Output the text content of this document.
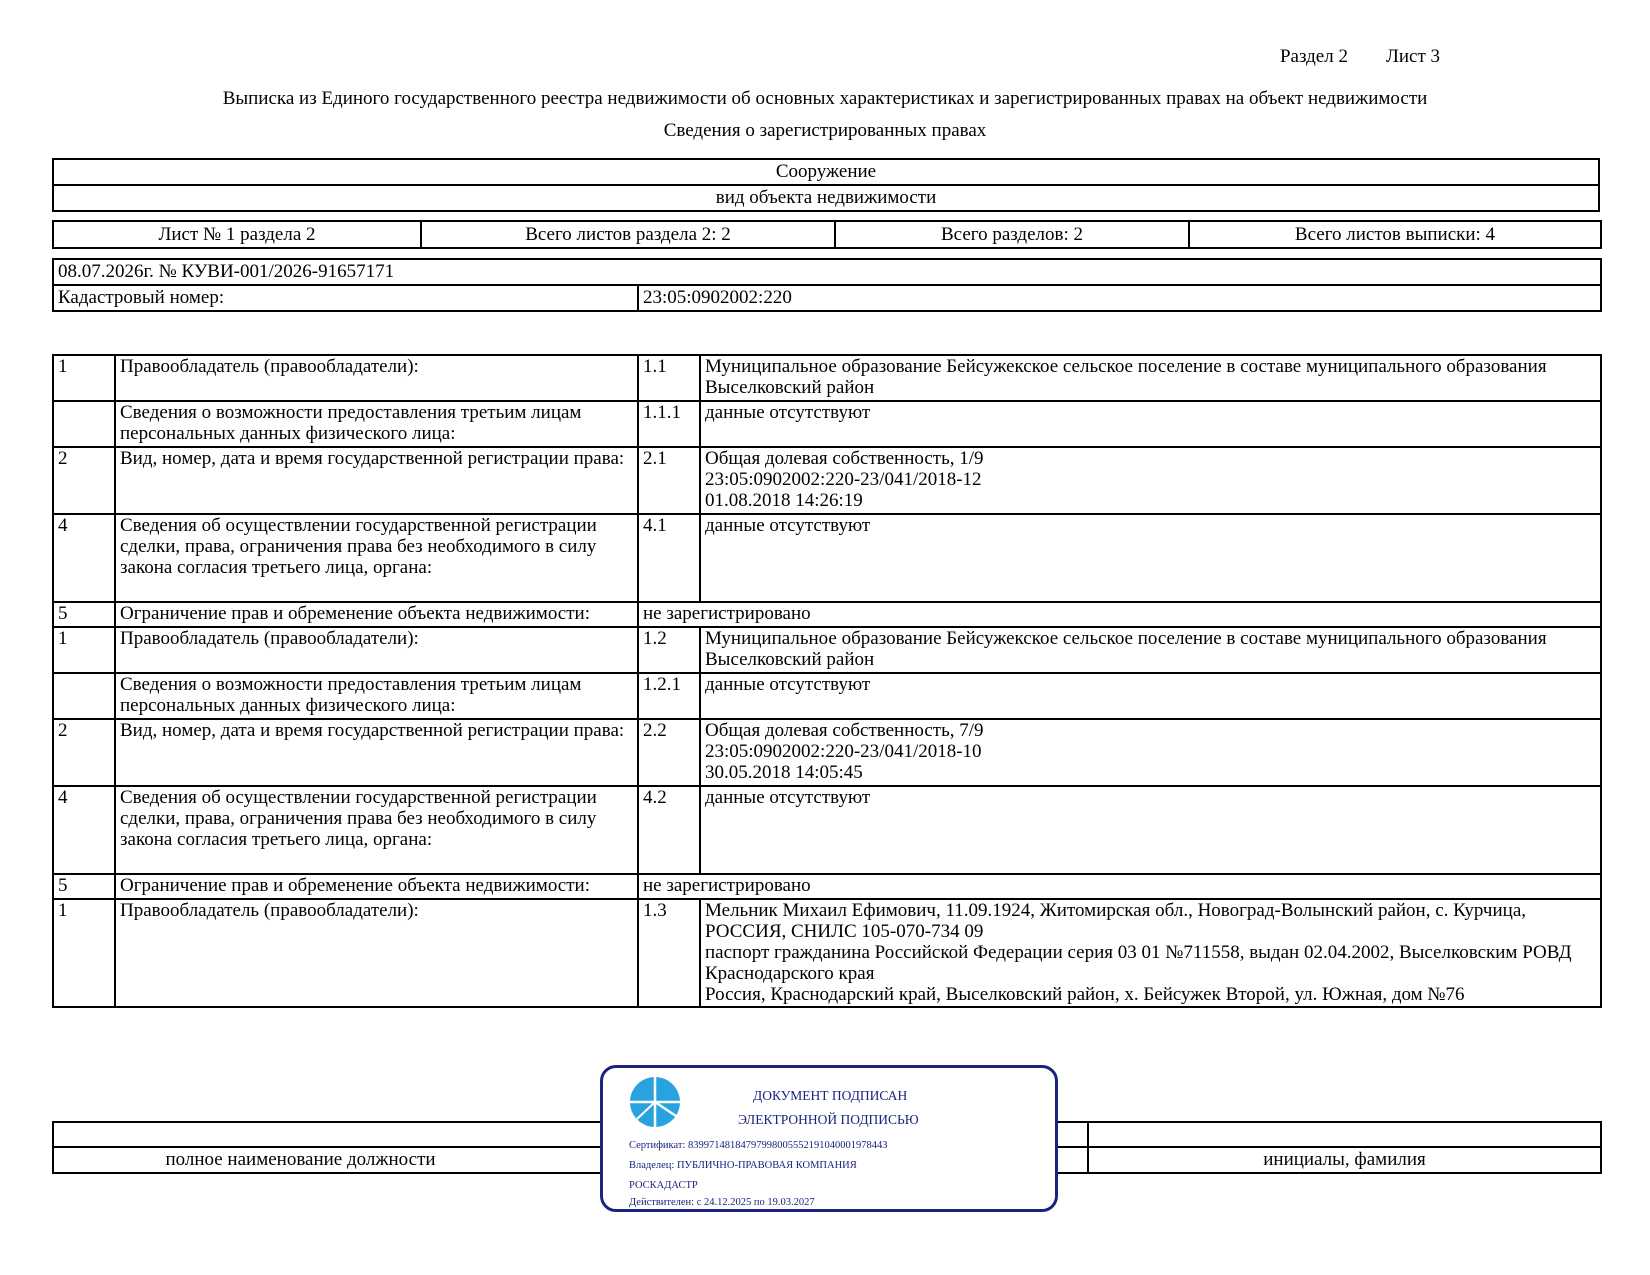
Раздел 2 Лист 3
Выписка из Единого государственного реестра недвижимости об основных характеристиках и зарегистрированных правах на объект недвижимости
Сведения о зарегистрированных правах
Сооружение
вид объекта недвижимости
Лист № 1 раздела 2	Всего листов раздела 2: 2	Всего разделов: 2	Всего листов выписки: 4
08.07.2026г. № КУВИ-001/2026-91657171
Кадастровый номер:	23:05:0902002:220
1	Правообладатель (правообладатели):	1.1	Муниципальное образование Бейсужекское сельское поселение в составе муниципального образования Выселковский район
	Сведения о возможности предоставления третьим лицам персональных данных физического лица:	1.1.1	данные отсутствуют
2	Вид, номер, дата и время государственной регистрации права:	2.1	Общая долевая собственность, 1/9
23:05:0902002:220-23/041/2018-12
01.08.2018 14:26:19
4	Сведения об осуществлении государственной регистрации сделки, права, ограничения права без необходимого в силу закона согласия третьего лица, органа:	4.1	данные отсутствуют
5	Ограничение прав и обременение объекта недвижимости:	не зарегистрировано	
1	Правообладатель (правообладатели):	1.2	Муниципальное образование Бейсужекское сельское поселение в составе муниципального образования Выселковский район
	Сведения о возможности предоставления третьим лицам персональных данных физического лица:	1.2.1	данные отсутствуют
2	Вид, номер, дата и время государственной регистрации права:	2.2	Общая долевая собственность, 7/9
23:05:0902002:220-23/041/2018-10
30.05.2018 14:05:45
4	Сведения об осуществлении государственной регистрации сделки, права, ограничения права без необходимого в силу закона согласия третьего лица, органа:	4.2	данные отсутствуют
5	Ограничение прав и обременение объекта недвижимости:	не зарегистрировано	
1	Правообладатель (правообладатели):	1.3	Мельник Михаил Ефимович, 11.09.1924, Житомирская обл., Новоград-Волынский район, с. Курчица, РОССИЯ, СНИЛС 105-070-734 09
паспорт гражданина Российской Федерации серия 03 01 №711558, выдан 02.04.2002, Выселковским РОВД Краснодарского края
Россия, Краснодарский край, Выселковский район, х. Бейсужек Второй, ул. Южная, дом №76

полное наименование должности	инициалы, фамилия
ДОКУМЕНТ ПОДПИСАН
ЭЛЕКТРОННОЙ ПОДПИСЬЮ
Сертификат: 8399714818479799800555219104000197844З
Владелец: ПУБЛИЧНО-ПРАВОВАЯ КОМПАНИЯ
РОСКАДАСТР
Действителен: с 24.12.2025 по 19.03.2027
